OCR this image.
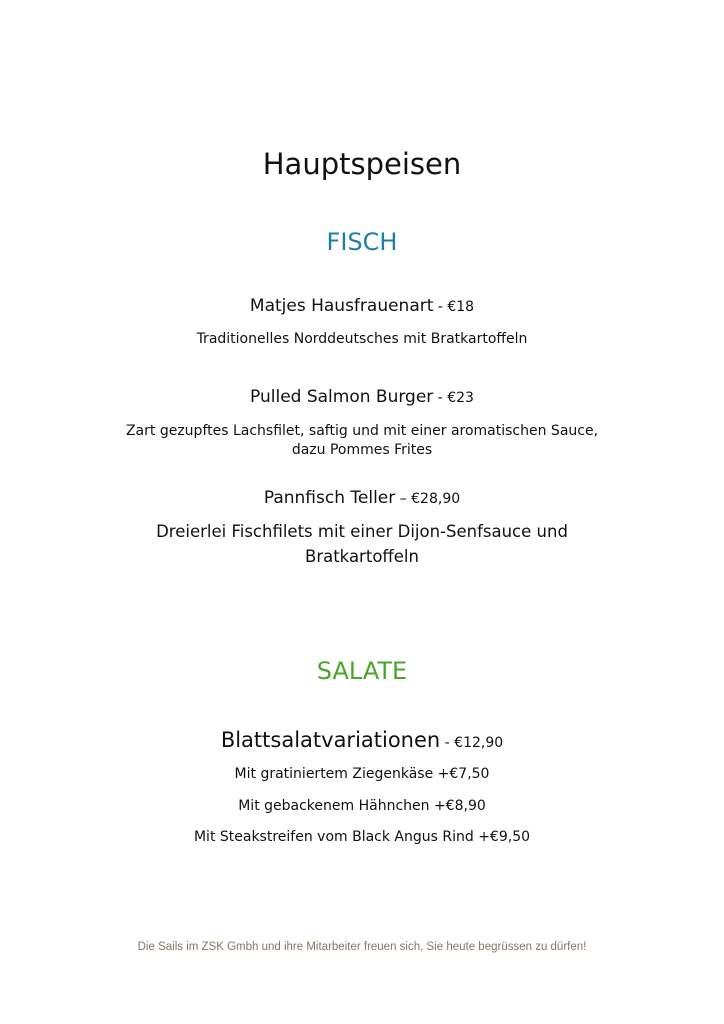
Hauptspeisen
FISCH
Matjes Hausfrauenart - €18
Traditionelles Norddeutsches mit Bratkartoffeln
Pulled Salmon Burger - €23
Zart gezupftes Lachsfilet, saftig und mit einer aromatischen Sauce,
dazu Pommes Frites
Pannfisch Teller – €28,90
Dreierlei Fischfilets mit einer Dijon-Senfsauce und
Bratkartoffeln
SALATE
Blattsalatvariationen - €12,90
Mit gratiniertem Ziegenkäse +€7,50
Mit gebackenem Hähnchen +€8,90
Mit Steakstreifen vom Black Angus Rind +€9,50
Die Sails im ZSK Gmbh und ihre Mitarbeiter freuen sich, Sie heute begrüssen zu dürfen!
